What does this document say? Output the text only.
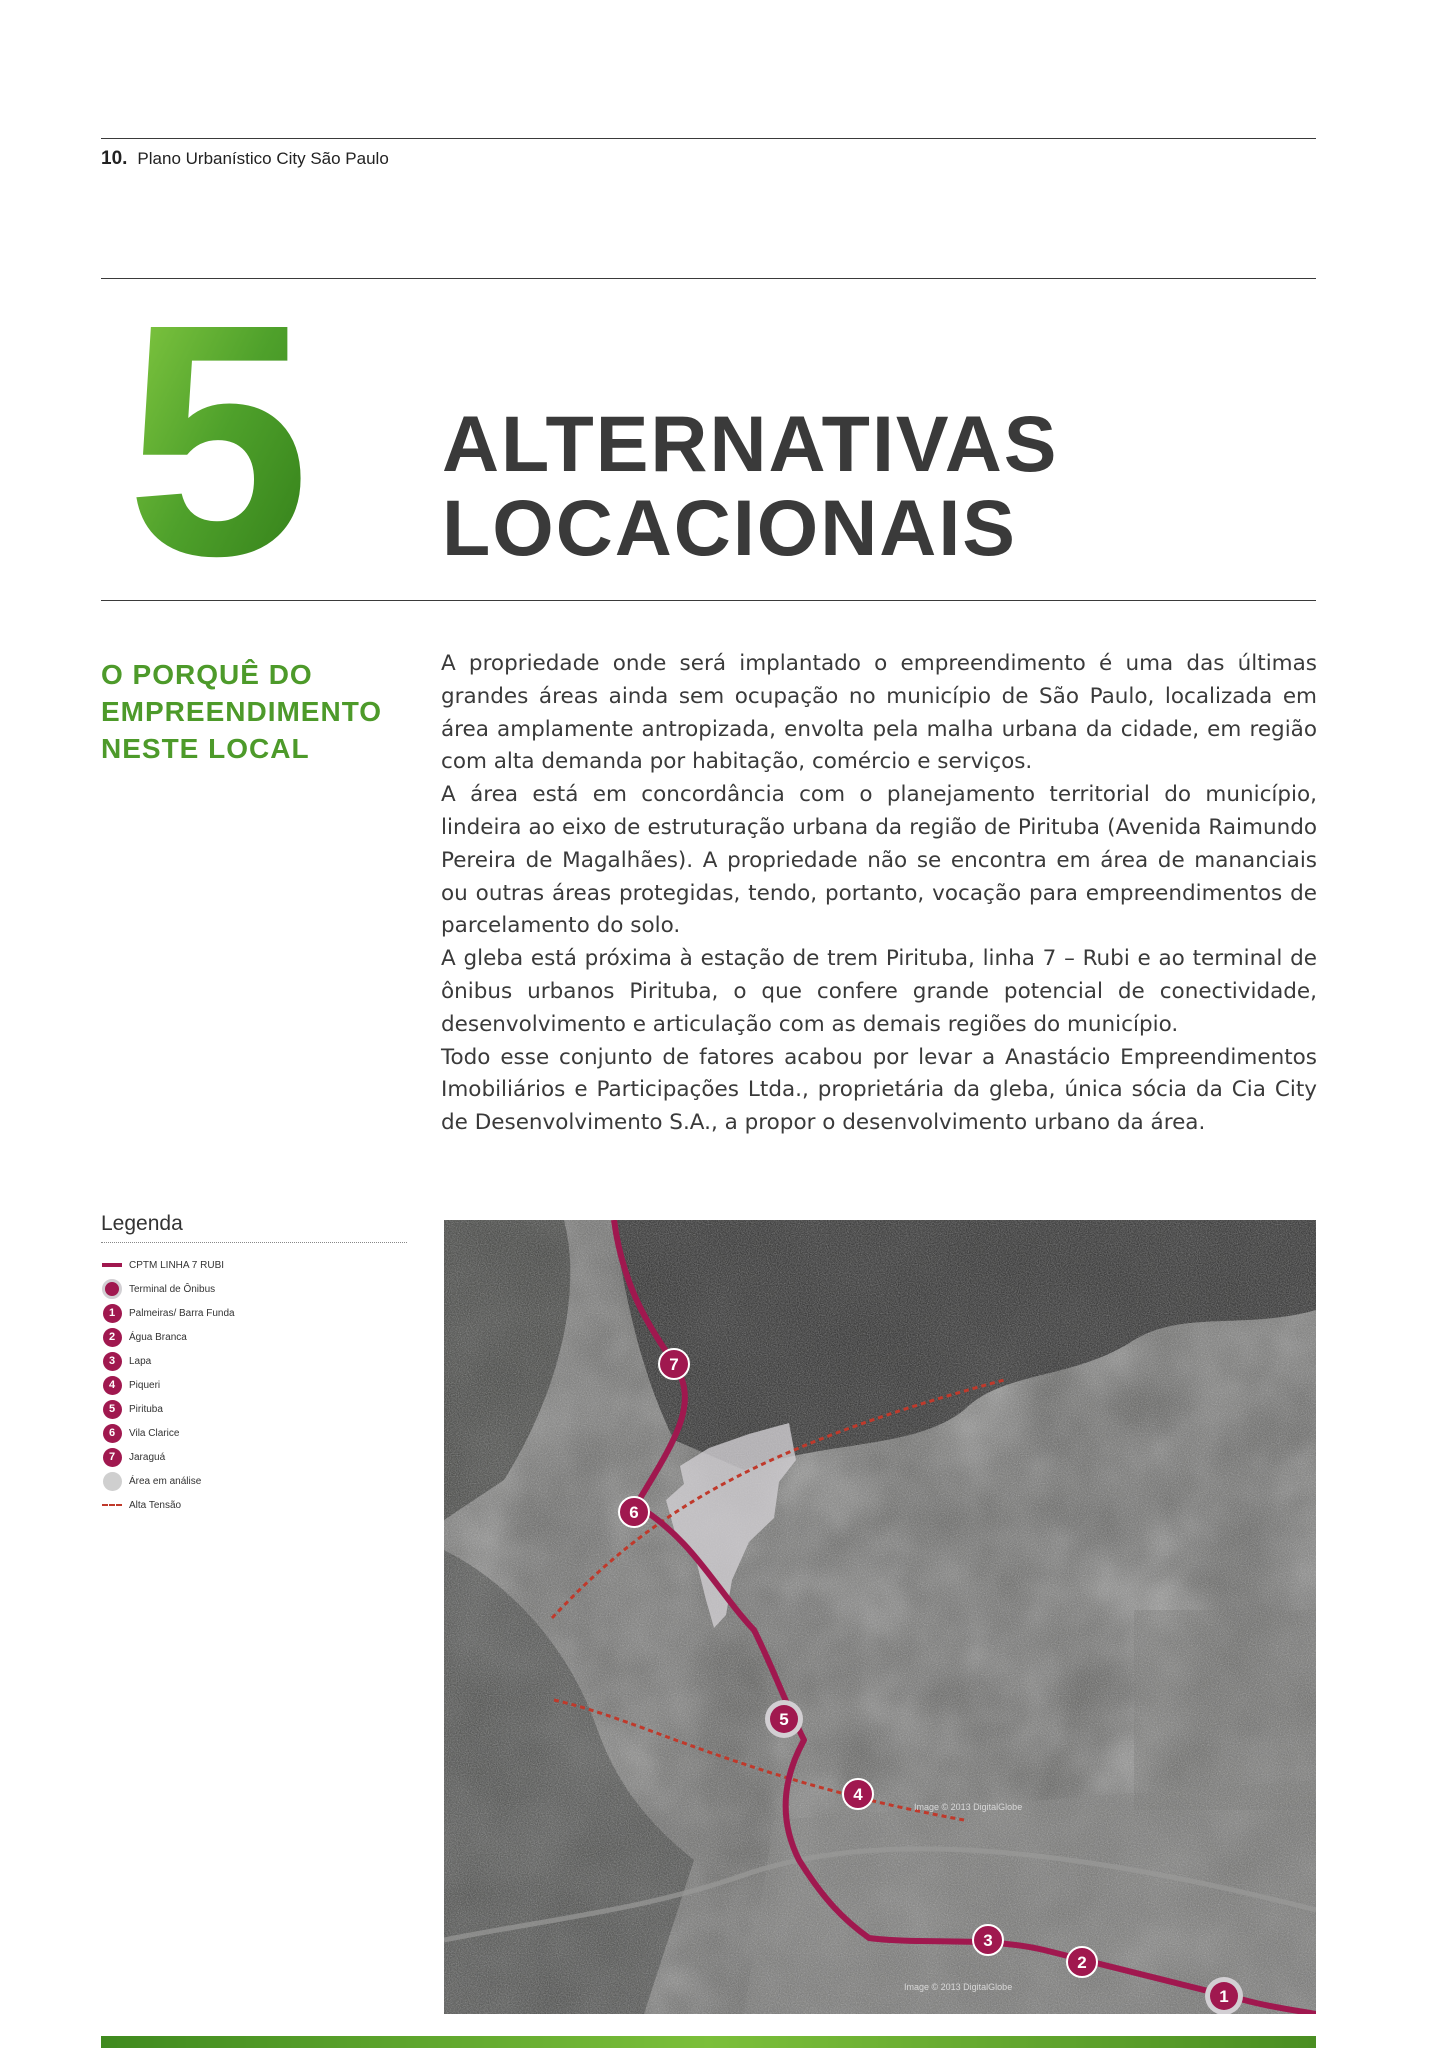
10. Plano Urbanístico City São Paulo
5 ALTERNATIVAS
LOCACIONAIS
O PORQUÊ DO
EMPREENDIMENTO
NESTE LOCAL

A propriedade onde será implantado o empreendimento é uma das últimas grandes áreas ainda sem ocupação no município de São Paulo, localizada em área amplamente antropizada, envolta pela malha urbana da cidade, em região com alta demanda por habitação, comércio e serviços.

A área está em concordância com o planejamento territorial do município, lindeira ao eixo de estruturação urbana da região de Pirituba (Avenida Raimundo Pereira de Magalhães). A propriedade não se encontra em área de mananciais ou outras áreas protegidas, tendo, portanto, vocação para empreendimentos de parcelamento do solo.

A gleba está próxima à estação de trem Pirituba, linha 7 – Rubi e ao terminal de ônibus urbanos Pirituba, o que confere grande potencial de conectividade, desenvolvimento e articulação com as demais regiões do município.

Todo esse conjunto de fatores acabou por levar a Anastácio Empreendimentos Imobiliários e Participações Ltda., proprietária da gleba, única sócia da Cia City de Desenvolvimento S.A., a propor o desenvolvimento urbano da área.

Legenda
CPTM LINHA 7 RUBI
Terminal de Ônibus
1	Palmeiras/ Barra Funda
2	Água Branca
3	Lapa
4	Piqueri
5	Pirituba
6	Vila Clarice
7	Jaraguá
Área em análise
Alta Tensão
7
6
5
4
3
2
1
Image © 2013 DigitalGlobe
Image © 2013 DigitalGlobe
